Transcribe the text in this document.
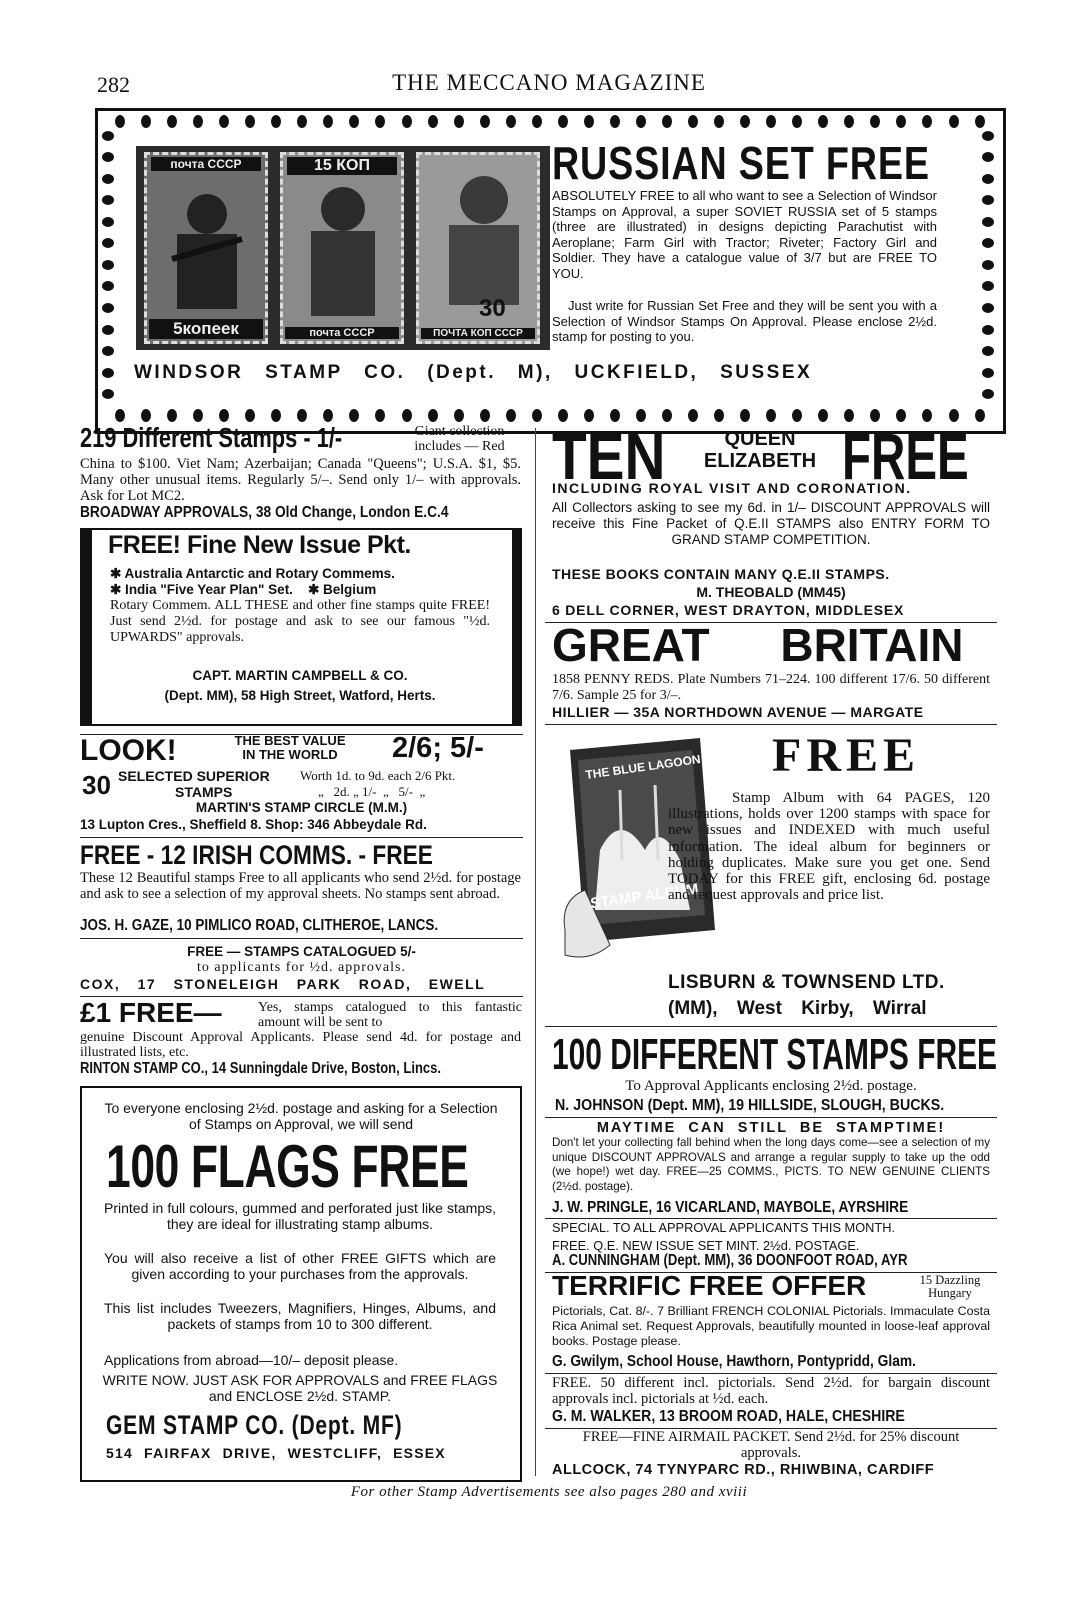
282	THE MECCANO MAGAZINE
почта СССР
5копеек
15 КОП
почта СССР
30
ПОЧТА КОП СССР
RUSSIAN SET FREE
ABSOLUTELY FREE to all who want to see a Selection of Windsor Stamps on Approval, a super SOVIET RUSSIA set of 5 stamps (three are illustrated) in designs depicting Parachutist with Aeroplane; Farm Girl with Tractor; Riveter; Factory Girl and Soldier. They have a catalogue value of 3/7 but are FREE TO YOU.
Just write for Russian Set Free and they will be sent you with a Selection of Windsor Stamps On Approval. Please enclose 2½d. stamp for posting to you.
WINDSOR STAMP CO. (Dept. M), UCKFIELD, SUSSEX
219 Different Stamps - 1/-	Giant collection includes — Red
China to $100. Viet Nam; Azerbaijan; Canada "Queens"; U.S.A. $1, $5. Many other unusual items. Regularly 5/–. Send only 1/– with approvals. Ask for Lot MC2.
BROADWAY APPROVALS, 38 Old Change, London E.C.4
FREE! Fine New Issue Pkt.
✱ Australia Antarctic and Rotary Commems.
✱ India "Five Year Plan" Set.    ✱ Belgium
Rotary Commem. ALL THESE and other fine stamps quite FREE! Just send 2½d. for postage and ask to see our famous "½d. UPWARDS" approvals.
CAPT. MARTIN CAMPBELL & CO.
(Dept. MM), 58 High Street, Watford, Herts.
LOOK!	THE BEST VALUE
IN THE WORLD	2/6; 5/-
30 SELECTED SUPERIOR
STAMPS
Worth 1d. to 9d. each 2/6 Pkt.
„   2d. „ 1/-  „   5/-  „
MARTIN'S STAMP CIRCLE (M.M.)
13 Lupton Cres., Sheffield 8. Shop: 346 Abbeydale Rd.
FREE - 12 IRISH COMMS. - FREE
These 12 Beautiful stamps Free to all applicants who send 2½d. for postage and ask to see a selection of my approval sheets. No stamps sent abroad.
JOS. H. GAZE, 10 PIMLICO ROAD, CLITHEROE, LANCS.
FREE — STAMPS CATALOGUED 5/-
to applicants for ½d. approvals.
COX, 17 STONELEIGH PARK ROAD, EWELL
£1 FREE—	Yes, stamps catalogued to this fantastic amount will be sent to
genuine Discount Approval Applicants. Please send 4d. for postage and illustrated lists, etc.
RINTON STAMP CO., 14 Sunningdale Drive, Boston, Lincs.
To everyone enclosing 2½d. postage and asking for a Selection of Stamps on Approval, we will send
100 FLAGS FREE
Printed in full colours, gummed and perforated just like stamps, they are ideal for illustrating stamp albums.
You will also receive a list of other FREE GIFTS which are given according to your purchases from the approvals.
This list includes Tweezers, Magnifiers, Hinges, Albums, and packets of stamps from 10 to 300 different.
Applications from abroad—10/– deposit please.
WRITE NOW. JUST ASK FOR APPROVALS and FREE FLAGS and ENCLOSE 2½d. STAMP.
GEM STAMP CO. (Dept. MF)
514 FAIRFAX DRIVE, WESTCLIFF, ESSEX
TEN	QUEEN
ELIZABETH FREE
INCLUDING ROYAL VISIT AND CORONATION.
All Collectors asking to see my 6d. in 1/– DISCOUNT APPROVALS will receive this Fine Packet of Q.E.II STAMPS also ENTRY FORM TO GRAND STAMP COMPETITION.
THESE BOOKS CONTAIN MANY Q.E.II STAMPS.
M. THEOBALD (MM45)
6 DELL CORNER, WEST DRAYTON, MIDDLESEX
GREAT BRITAIN
1858 PENNY REDS. Plate Numbers 71–224. 100 different 17/6. 50 different 7/6. Sample 25 for 3/–.
HILLIER — 35A NORTHDOWN AVENUE — MARGATE
THE BLUE LAGOON
STAMP ALBUM
FREE
Stamp Album with 64 PAGES, 120 illustrations, holds over 1200 stamps with space for new issues and INDEXED with much useful information. The ideal album for beginners or holding duplicates. Make sure you get one. Send TODAY for this FREE gift, enclosing 6d. postage and request approvals and price list.
LISBURN & TOWNSEND LTD.
(MM), West Kirby, Wirral
100 DIFFERENT STAMPS FREE
To Approval Applicants enclosing 2½d. postage.
N. JOHNSON (Dept. MM), 19 HILLSIDE, SLOUGH, BUCKS.
MAYTIME CAN STILL BE STAMPTIME!
Don't let your collecting fall behind when the long days come—see a selection of my unique DISCOUNT APPROVALS and arrange a regular supply to take up the odd (we hope!) wet day. FREE—25 COMMS., PICTS. TO NEW GENUINE CLIENTS (2½d. postage).
J. W. PRINGLE, 16 VICARLAND, MAYBOLE, AYRSHIRE
SPECIAL. TO ALL APPROVAL APPLICANTS THIS MONTH.
FREE. Q.E. NEW ISSUE SET MINT. 2½d. POSTAGE.
A. CUNNINGHAM (Dept. MM), 36 DOONFOOT ROAD, AYR
TERRIFIC FREE OFFER	15 Dazzling
Hungary
Pictorials, Cat. 8/-. 7 Brilliant FRENCH COLONIAL Pictorials. Immaculate Costa Rica Animal set. Request Approvals, beautifully mounted in loose-leaf approval books. Postage please.
G. Gwilym, School House, Hawthorn, Pontypridd, Glam.
FREE. 50 different incl. pictorials. Send 2½d. for bargain discount approvals incl. pictorials at ½d. each.
G. M. WALKER, 13 BROOM ROAD, HALE, CHESHIRE
FREE—FINE AIRMAIL PACKET. Send 2½d. for 25% discount approvals.
ALLCOCK, 74 TYNYPARC RD., RHIWBINA, CARDIFF
For other Stamp Advertisements see also pages 280 and xviii
